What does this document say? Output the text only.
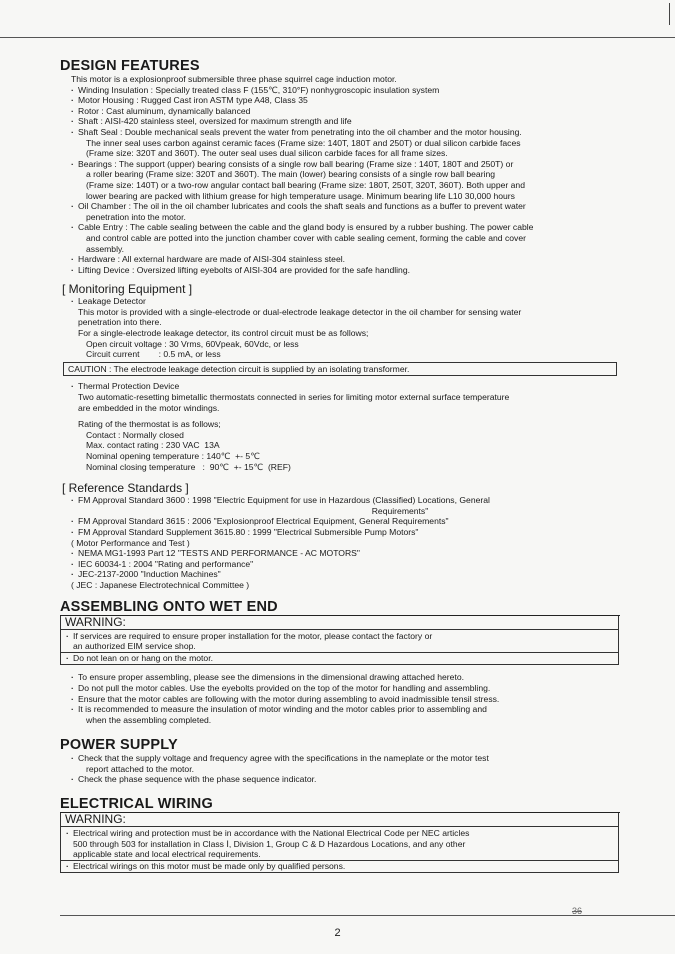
DESIGN FEATURES
This motor is a explosionproof submersible three phase squirrel cage induction motor.
· Winding Insulation : Specially treated class F (155℃, 310°F) nonhygroscopic insulation system
· Motor Housing : Rugged Cast iron ASTM type A48, Class 35
· Rotor : Cast aluminum, dynamically balanced
· Shaft : AISI-420 stainless steel, oversized for maximum strength and life
· Shaft Seal : Double mechanical seals prevent the water from penetrating into the oil chamber and the motor housing.
The inner seal uses carbon against ceramic faces (Frame size: 140T, 180T and 250T) or dual silicon carbide faces
(Frame size: 320T and 360T). The outer seal uses dual silicon carbide faces for all frame sizes.
· Bearings : The support (upper) bearing consists of a single row ball bearing (Frame size : 140T, 180T and 250T) or
a roller bearing (Frame size: 320T and 360T). The main (lower) bearing consists of a single row ball bearing
(Frame size: 140T) or a two-row angular contact ball bearing (Frame size: 180T, 250T, 320T, 360T). Both upper and
lower bearing are packed with lithium grease for high temperature usage. Minimum bearing life L10 30,000 hours
· Oil Chamber : The oil in the oil chamber lubricates and cools the shaft seals and functions as a buffer to prevent water
penetration into the motor.
· Cable Entry : The cable sealing between the cable and the gland body is ensured by a rubber bushing. The power cable
and control cable are potted into the junction chamber cover with cable sealing cement, forming the cable and cover
assembly.
· Hardware : All external hardware are made of AISI-304 stainless steel.
· Lifting Device : Oversized lifting eyebolts of AISI-304 are provided for the safe handling.
[ Monitoring Equipment ]
· Leakage Detector
This motor is provided with a single-electrode or dual-electrode leakage detector in the oil chamber for sensing water
penetration into there.
For a single-electrode leakage detector, its control circuit must be as follows;
Open circuit voltage : 30 Vrms, 60Vpeak, 60Vdc, or less
Circuit current        : 0.5 mA, or less
CAUTION : The electrode leakage detection circuit is supplied by an isolating transformer.
· Thermal Protection Device
Two automatic-resetting bimetallic thermostats connected in series for limiting motor external surface temperature
are embedded in the motor windings.
Rating of the thermostat is as follows;
Contact : Normally closed
Max. contact rating : 230 VAC  13A
Nominal opening temperature : 140℃  +- 5℃
Nominal closing temperature   :  90℃  +- 15℃  (REF)
[ Reference Standards ]
· FM Approval Standard 3600 : 1998 "Electric Equipment for use in Hazardous (Classified) Locations, General
Requirements"
· FM Approval Standard 3615 : 2006 "Explosionproof Electrical Equipment, General Requirements"
· FM Approval Standard Supplement 3615.80 : 1999 "Electrical Submersible Pump Motors"
( Motor Performance and Test )
· NEMA MG1-1993 Part 12 "TESTS AND PERFORMANCE - AC MOTORS"
· IEC 60034-1 : 2004 "Rating and performance"
· JEC-2137-2000 "Induction Machines"
( JEC : Japanese Electrotechnical Committee )
ASSEMBLING ONTO WET END
WARNING:
· If services are required to ensure proper installation for the motor, please contact the factory or
an authorized EIM service shop.
· Do not lean on or hang on the motor.
· To ensure proper assembling, please see the dimensions in the dimensional drawing attached hereto.
· Do not pull the motor cables. Use the eyebolts provided on the top of the motor for handling and assembling.
· Ensure that the motor cables are following with the motor during assembling to avoid inadmissible tensil stress.
· It is recommended to measure the insulation of motor winding and the motor cables prior to assembling and
when the assembling completed.
POWER SUPPLY
· Check that the supply voltage and frequency agree with the specifications in the nameplate or the motor test
report attached to the motor.
· Check the phase sequence with the phase sequence indicator.
ELECTRICAL WIRING
WARNING:
· Electrical wiring and protection must be in accordance with the National Electrical Code per NEC articles
500 through 503 for installation in Class Ⅰ, Division 1, Group C & D Hazardous Locations, and any other
applicable state and local electrical requirements.
· Electrical wirings on this motor must be made only by qualified persons.
36
2
